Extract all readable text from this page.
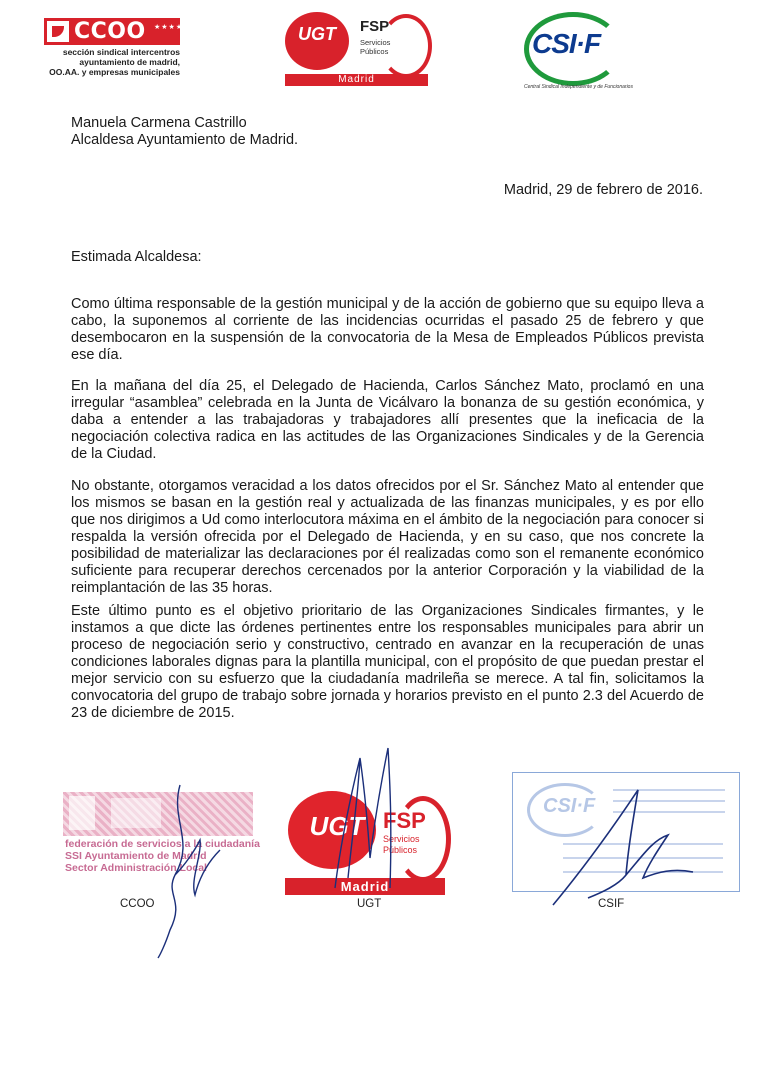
CCOO ★★★★★★★
sección sindical intercentros
ayuntamiento de madrid,
OO.AA. y empresas municipales
UGT	FSP
Servicios
Públicos
Madrid
CSI·F
Central Sindical Independiente y de Funcionarios
Manuela Carmena Castrillo
Alcaldesa Ayuntamiento de Madrid.
Madrid, 29 de febrero de 2016.
Estimada Alcaldesa:
Como última responsable de la gestión municipal y de la acción de gobierno que su equipo lleva a cabo, la suponemos al corriente de las incidencias ocurridas el pasado 25 de febrero y que desembocaron en la suspensión de la convocatoria de la Mesa de Empleados Públicos prevista ese día.
En la mañana del día 25, el Delegado de Hacienda, Carlos Sánchez Mato, proclamó en una irregular “asamblea” celebrada en la Junta de Vicálvaro la bonanza de su gestión económica, y daba a entender a las trabajadoras y trabajadores allí presentes que la ineficacia de la negociación colectiva radica en las actitudes de las Organizaciones Sindicales y de la Gerencia de la Ciudad.
No obstante, otorgamos veracidad a los datos ofrecidos por el Sr. Sánchez Mato al entender que los mismos se basan en la gestión real y actualizada de las finanzas municipales, y es por ello que nos dirigimos a Ud como interlocutora máxima en el ámbito de la negociación para conocer si respalda la versión ofrecida por el Delegado de Hacienda, y en su caso, que nos concrete la posibilidad de materializar las declaraciones por él realizadas como son el remanente económico suficiente para recuperar derechos cercenados por la anterior Corporación y la viabilidad de la reimplantación de las 35 horas.
Este último punto es el objetivo prioritario de las Organizaciones Sindicales firmantes, y le instamos a que dicte las órdenes pertinentes entre los responsables municipales para abrir un proceso de negociación serio y constructivo, centrado en avanzar en la recuperación de unas condiciones laborales dignas para la plantilla municipal, con el propósito de que puedan prestar el mejor servicio con su esfuerzo que la ciudadanía madrileña se merece. A tal fin, solicitamos la convocatoria del grupo de trabajo sobre jornada y horarios previsto en el punto 2.3 del Acuerdo de 23 de diciembre de 2015.
federación de servicios a la ciudadanía
SSI Ayuntamiento de Madrid
Sector Administración Local
UGT FSP
Servicios
Públicos
Madrid
CSI·F
CCOO	UGT	CSIF
